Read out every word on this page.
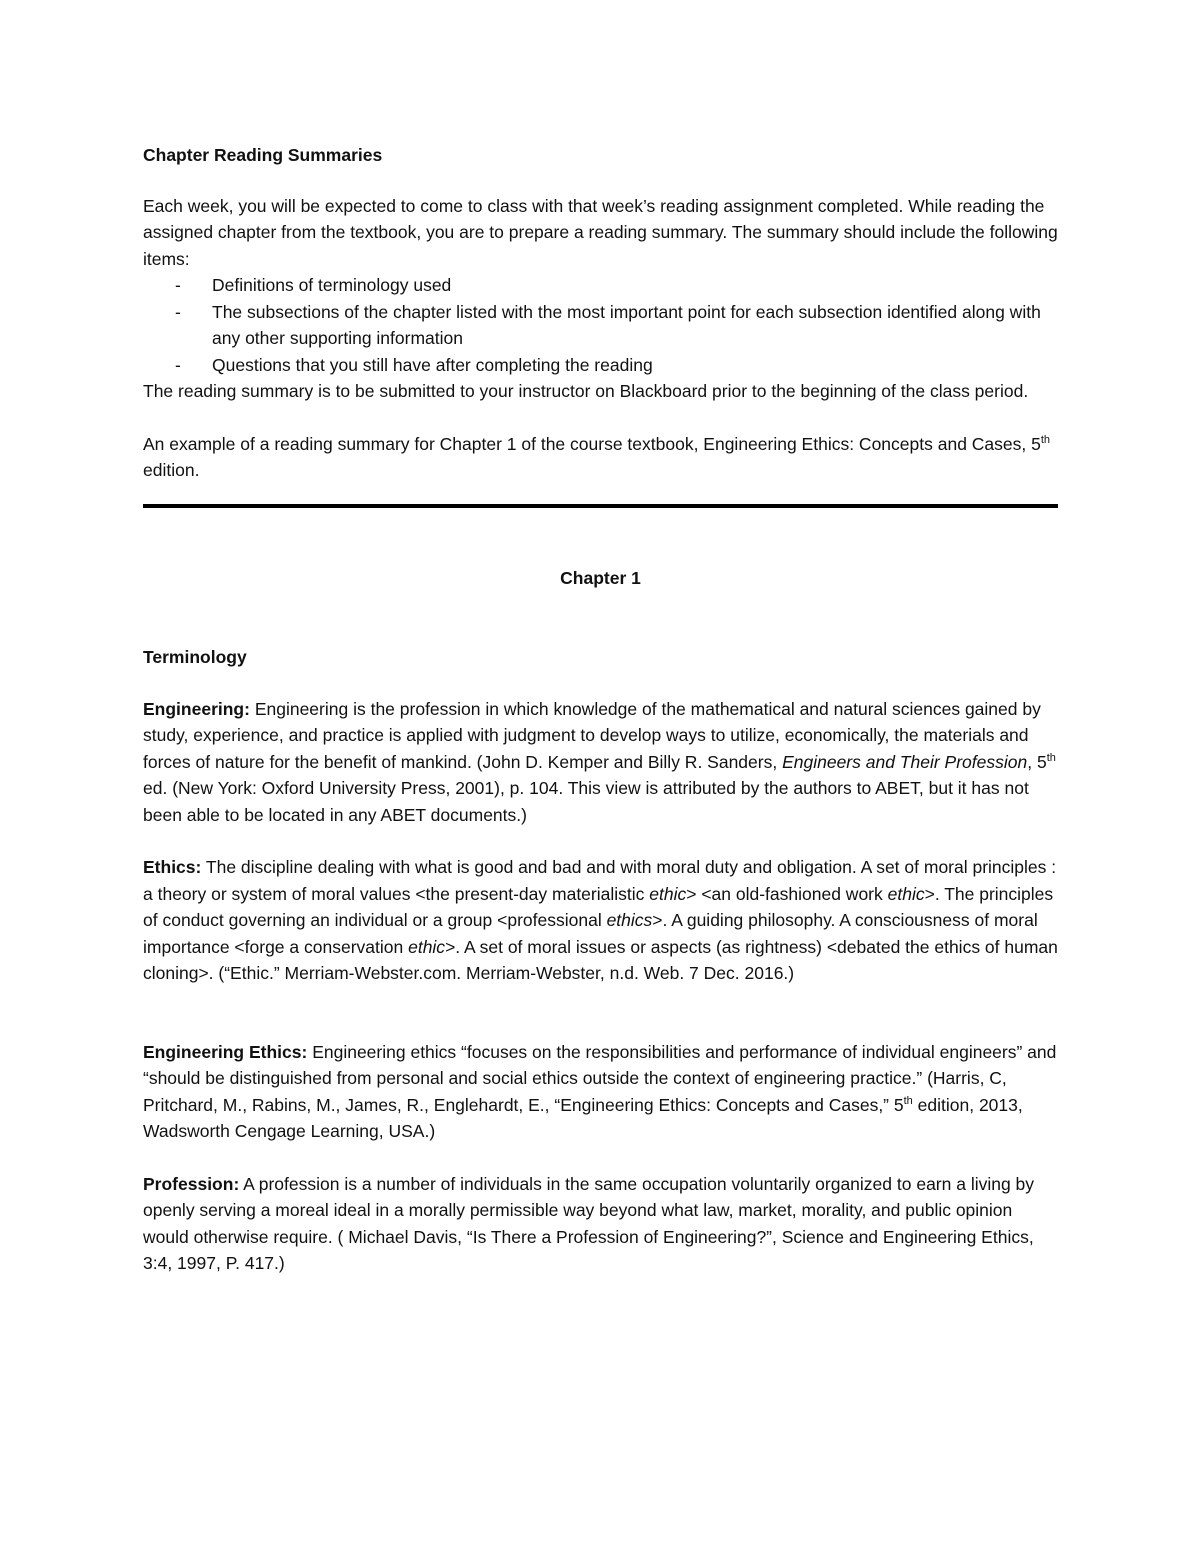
Chapter Reading Summaries

Each week, you will be expected to come to class with that week’s reading assignment completed. While reading the assigned chapter from the textbook, you are to prepare a reading summary. The summary should include the following items:

- Definitions of terminology used
- The subsections of the chapter listed with the most important point for each subsection identified along with any other supporting information
- Questions that you still have after completing the reading

The reading summary is to be submitted to your instructor on Blackboard prior to the beginning of the class period.

An example of a reading summary for Chapter 1 of the course textbook, Engineering Ethics: Concepts and Cases, 5th edition.

Chapter 1

Terminology

Engineering: Engineering is the profession in which knowledge of the mathematical and natural sciences gained by study, experience, and practice is applied with judgment to develop ways to utilize, economically, the materials and forces of nature for the benefit of mankind. (John D. Kemper and Billy R. Sanders, Engineers and Their Profession, 5th ed. (New York: Oxford University Press, 2001), p. 104. This view is attributed by the authors to ABET, but it has not been able to be located in any ABET documents.)

Ethics: The discipline dealing with what is good and bad and with moral duty and obligation. A set of moral principles : a theory or system of moral values <the present-day materialistic ethic> <an old-fashioned work ethic>. The principles of conduct governing an individual or a group <professional ethics>. A guiding philosophy. A consciousness of moral importance <forge a conservation ethic>. A set of moral issues or aspects (as rightness) <debated the ethics of human cloning>. (“Ethic.” Merriam-Webster.com. Merriam-Webster, n.d. Web. 7 Dec. 2016.)

Engineering Ethics: Engineering ethics “focuses on the responsibilities and performance of individual engineers” and “should be distinguished from personal and social ethics outside the context of engineering practice.” (Harris, C, Pritchard, M., Rabins, M., James, R., Englehardt, E., “Engineering Ethics: Concepts and Cases,” 5th edition, 2013, Wadsworth Cengage Learning, USA.)

Profession: A profession is a number of individuals in the same occupation voluntarily organized to earn a living by openly serving a moreal ideal in a morally permissible way beyond what law, market, morality, and public opinion would otherwise require. ( Michael Davis, “Is There a Profession of Engineering?”, Science and Engineering Ethics, 3:4, 1997, P. 417.)
